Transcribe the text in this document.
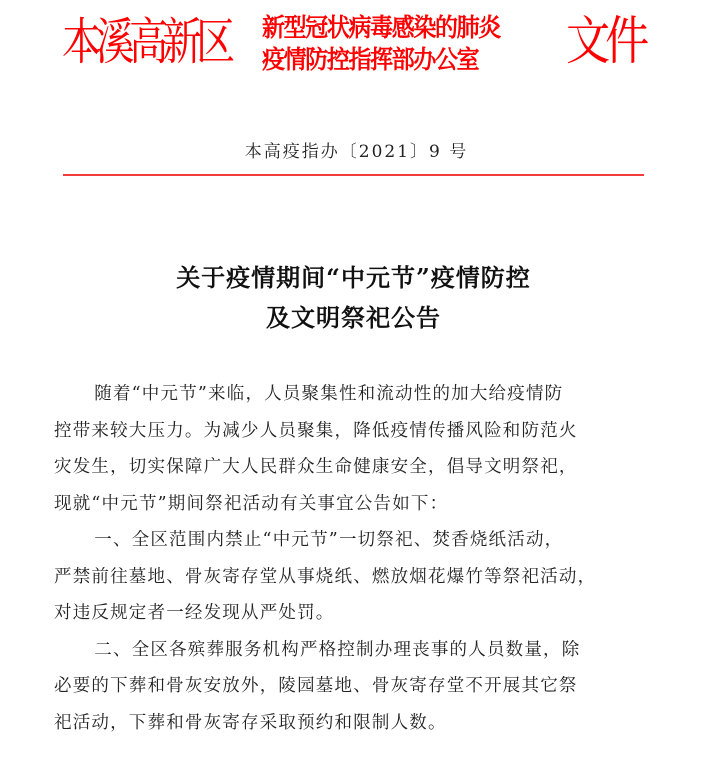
本溪高新区 新型冠状病毒感染的肺炎
疫情防控指挥部办公室	文件
本高疫指办〔2021〕9 号
关于疫情期间“中元节”疫情防控
及文明祭祀公告

随着“中元节”来临，人员聚集性和流动性的加大给疫情防
控带来较大压力。为减少人员聚集，降低疫情传播风险和防范火
灾发生，切实保障广大人民群众生命健康安全，倡导文明祭祀，
现就“中元节”期间祭祀活动有关事宜公告如下：

一、全区范围内禁止“中元节”一切祭祀、焚香烧纸活动，
严禁前往墓地、骨灰寄存堂从事烧纸、燃放烟花爆竹等祭祀活动，
对违反规定者一经发现从严处罚。

二、全区各殡葬服务机构严格控制办理丧事的人员数量，除
必要的下葬和骨灰安放外，陵园墓地、骨灰寄存堂不开展其它祭
祀活动，下葬和骨灰寄存采取预约和限制人数。
